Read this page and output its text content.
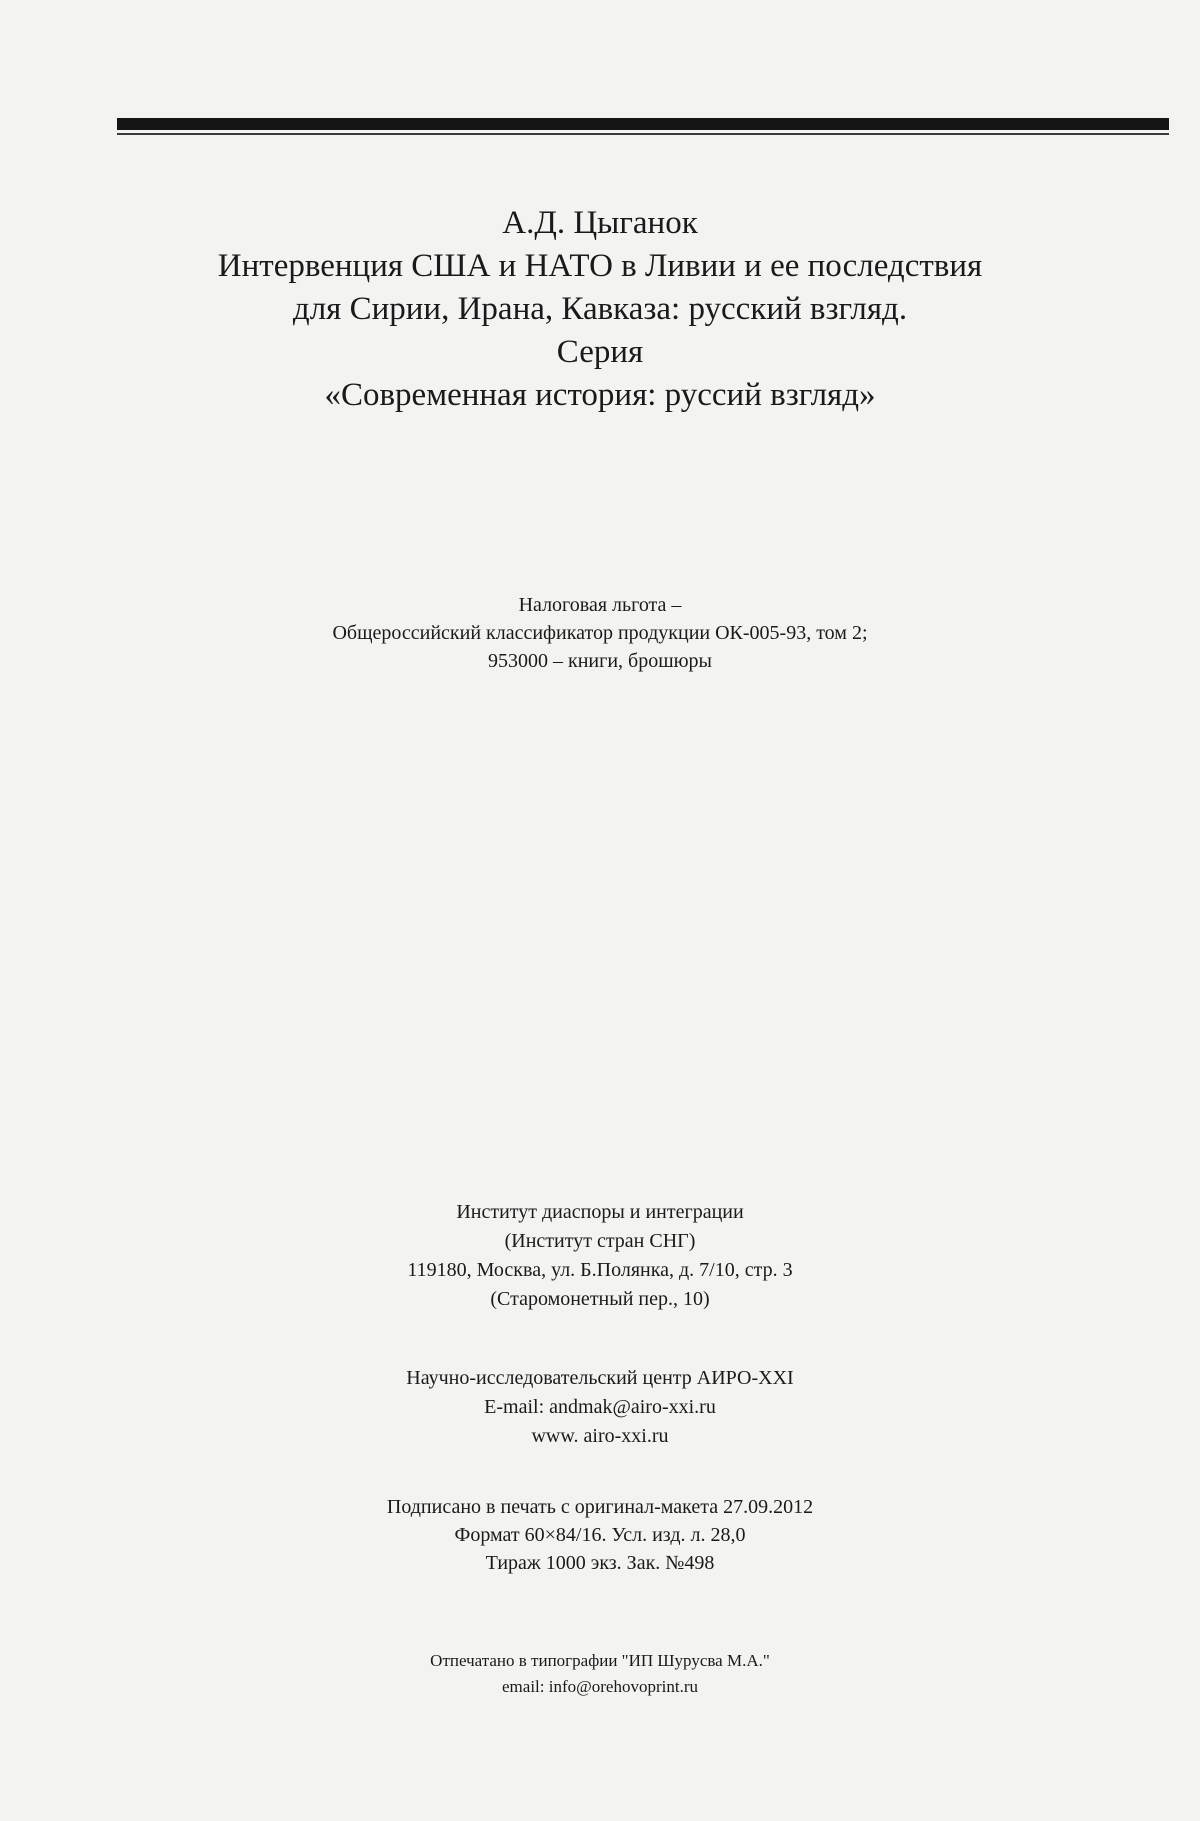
А.Д. Цыганок
Интервенция США и НАТО в Ливии и ее последствия
для Сирии, Ирана, Кавказа: русский взгляд.
Серия
«Современная история: руссий взгляд»
Налоговая льгота –
Общероссийский классификатор продукции ОК-005-93, том 2;
953000 – книги, брошюры
Институт диаспоры и интеграции
(Институт стран СНГ)
119180, Москва, ул. Б.Полянка, д. 7/10, стр. 3
(Старомонетный пер., 10)
Научно-исследовательский центр АИРО-XXI
E-mail: andmak@airo-xxi.ru
www. airo-xxi.ru
Подписано в печать с оригинал-макета 27.09.2012
Формат 60×84/16. Усл. изд. л. 28,0
Тираж 1000 экз. Зак. №498
Отпечатано в типографии "ИП Шурусва М.А."
email: info@orehovoprint.ru
